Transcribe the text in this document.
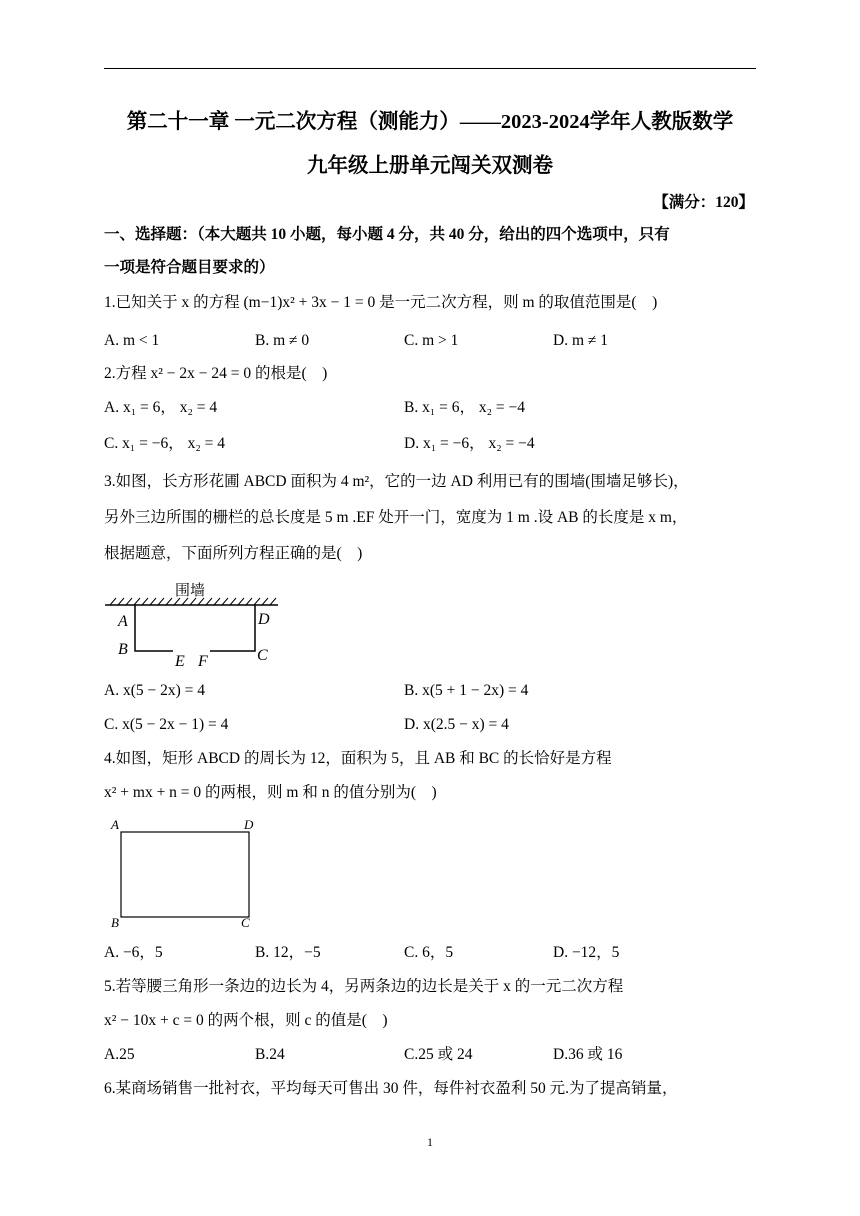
第二十一章 一元二次方程（测能力）——2023-2024学年人教版数学
九年级上册单元闯关双测卷
【满分：120】
一、选择题：（本大题共 10 小题，每小题 4 分，共 40 分，给出的四个选项中，只有
一项是符合题目要求的）
1.已知关于 x 的方程 (m−1)x² + 3x − 1 = 0 是一元二次方程，则 m 的取值范围是(　)
A. m < 1	B. m ≠ 0	C. m > 1	D. m ≠ 1
2.方程 x² − 2x − 24 = 0 的根是(　)
A. x₁ = 6， x₂ = 4	B. x₁ = 6， x₂ = −4
C. x₁ = −6， x₂ = 4	D. x₁ = −6， x₂ = −4
3.如图，长方形花圃 ABCD 面积为 4 m²，它的一边 AD 利用已有的围墙(围墙足够长)，
另外三边所围的栅栏的总长度是 5 m .EF 处开一门，宽度为 1 m .设 AB 的长度是 x m，
根据题意，下面所列方程正确的是(　)
围墙
A
B
E F
D
C
A. x(5 − 2x) = 4	B. x(5 + 1 − 2x) = 4
C. x(5 − 2x − 1) = 4	D. x(2.5 − x) = 4
4.如图，矩形 ABCD 的周长为 12，面积为 5，且 AB 和 BC 的长恰好是方程
x² + mx + n = 0 的两根，则 m 和 n 的值分别为(　)
A	D
B	C
A. −6，5	B. 12，−5	C. 6，5	D. −12，5
5.若等腰三角形一条边的边长为 4，另两条边的边长是关于 x 的一元二次方程
x² − 10x + c = 0 的两个根，则 c 的值是(　)
A.25	B.24	C.25 或 24	D.36 或 16
6.某商场销售一批衬衣，平均每天可售出 30 件，每件衬衣盈利 50 元.为了提高销量，
1
